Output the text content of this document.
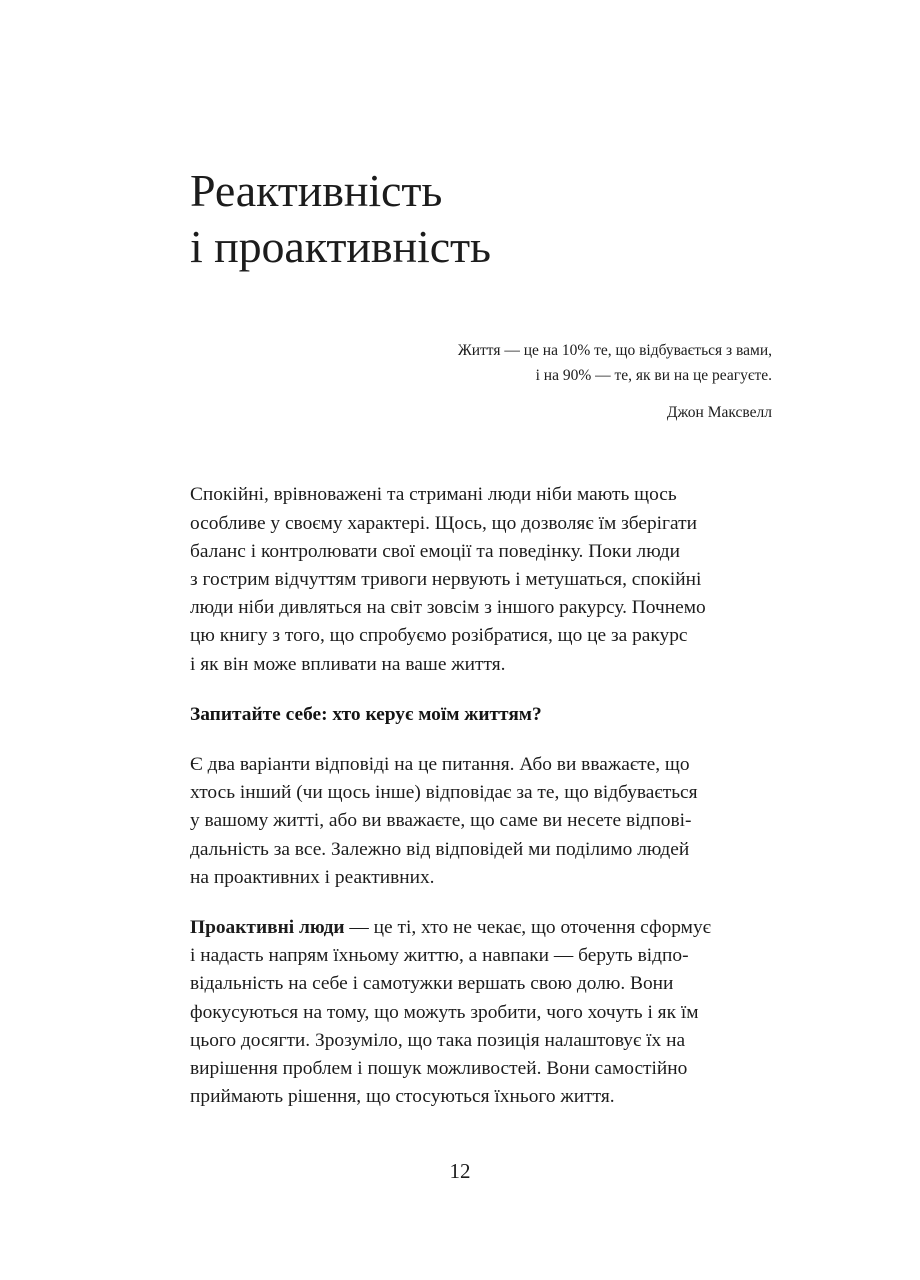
Реактивність
і проактивність

Життя — це на 10% те, що відбувається з вами,
і на 90% — те, як ви на це реагуєте.

Джон Максвелл

Спокійні, врівноважені та стримані люди ніби мають щось
особливе у своєму характері. Щось, що дозволяє їм зберігати
баланс і контролювати свої емоції та поведінку. Поки люди
з гострим відчуттям тривоги нервують і метушаться, спокійні
люди ніби дивляться на світ зовсім з іншого ракурсу. Почнемо
цю книгу з того, що спробуємо розібратися, що це за ракурс
і як він може впливати на ваше життя.

Запитайте себе: хто керує моїм життям?

Є два варіанти відповіді на це питання. Або ви вважаєте, що
хтось інший (чи щось інше) відповідає за те, що відбувається
у вашому житті, або ви вважаєте, що саме ви несете відпові-
дальність за все. Залежно від відповідей ми поділимо людей
на проактивних і реактивних.

Проактивні люди — це ті, хто не чекає, що оточення сформує
і надасть напрям їхньому життю, а навпаки — беруть відпо-
відальність на себе і самотужки вершать свою долю. Вони
фокусуються на тому, що можуть зробити, чого хочуть і як їм
цього досягти. Зрозуміло, що така позиція налаштовує їх на
вирішення проблем і пошук можливостей. Вони самостійно
приймають рішення, що стосуються їхнього життя.

12
